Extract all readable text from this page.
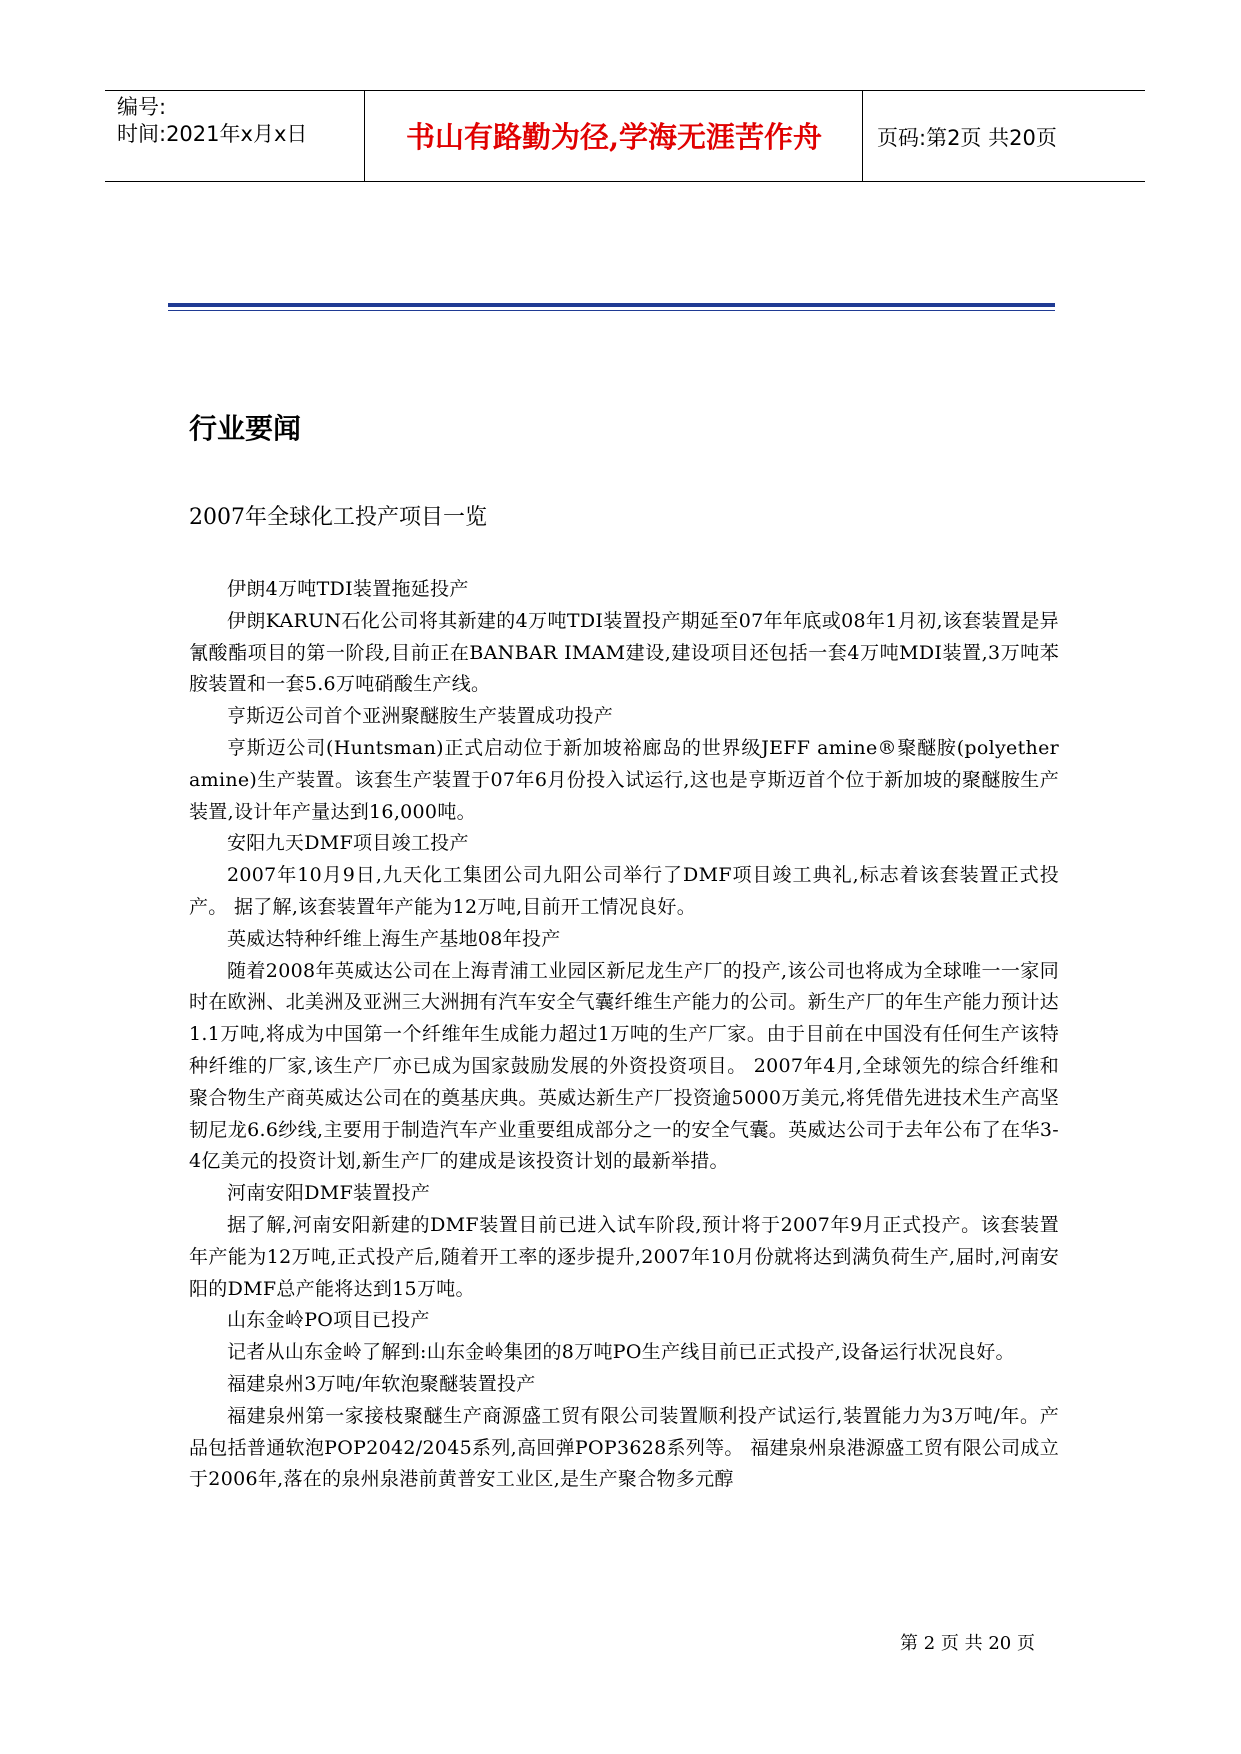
编号:
时间:2021年x月x日	书山有路勤为径,学海无涯苦作舟	页码:第2页 共20页
行业要闻
2007年全球化工投产项目一览

伊朗4万吨TDI装置拖延投产

伊朗KARUN石化公司将其新建的4万吨TDI装置投产期延至07年年底或08年1月初,该套装置是异氰酸酯项目的第一阶段,目前正在BANBAR IMAM建设,建设项目还包括一套4万吨MDI装置,3万吨苯胺装置和一套5.6万吨硝酸生产线。

亨斯迈公司首个亚洲聚醚胺生产装置成功投产

亨斯迈公司(Huntsman)正式启动位于新加坡裕廊岛的世界级JEFF amine®聚醚胺(polyether amine)生产装置。该套生产装置于07年6月份投入试运行,这也是亨斯迈首个位于新加坡的聚醚胺生产装置,设计年产量达到16,000吨。

安阳九天DMF项目竣工投产

2007年10月9日,九天化工集团公司九阳公司举行了DMF项目竣工典礼,标志着该套装置正式投产。 据了解,该套装置年产能为12万吨,目前开工情况良好。

英威达特种纤维上海生产基地08年投产

随着2008年英威达公司在上海青浦工业园区新尼龙生产厂的投产,该公司也将成为全球唯一一家同时在欧洲、北美洲及亚洲三大洲拥有汽车安全气囊纤维生产能力的公司。新生产厂的年生产能力预计达1.1万吨,将成为中国第一个纤维年生成能力超过1万吨的生产厂家。由于目前在中国没有任何生产该特种纤维的厂家,该生产厂亦已成为国家鼓励发展的外资投资项目。 2007年4月,全球领先的综合纤维和聚合物生产商英威达公司在的奠基庆典。英威达新生产厂投资逾5000万美元,将凭借先进技术生产高坚韧尼龙6.6纱线,主要用于制造汽车产业重要组成部分之一的安全气囊。英威达公司于去年公布了在华3-4亿美元的投资计划,新生产厂的建成是该投资计划的最新举措。

河南安阳DMF装置投产

据了解,河南安阳新建的DMF装置目前已进入试车阶段,预计将于2007年9月正式投产。该套装置年产能为12万吨,正式投产后,随着开工率的逐步提升,2007年10月份就将达到满负荷生产,届时,河南安阳的DMF总产能将达到15万吨。

山东金岭PO项目已投产

记者从山东金岭了解到:山东金岭集团的8万吨PO生产线目前已正式投产,设备运行状况良好。

福建泉州3万吨/年软泡聚醚装置投产

福建泉州第一家接枝聚醚生产商源盛工贸有限公司装置顺利投产试运行,装置能力为3万吨/年。产品包括普通软泡POP2042/2045系列,高回弹POP3628系列等。 福建泉州泉港源盛工贸有限公司成立于2006年,落在的泉州泉港前黄普安工业区,是生产聚合物多元醇

第 2 页 共 20 页
